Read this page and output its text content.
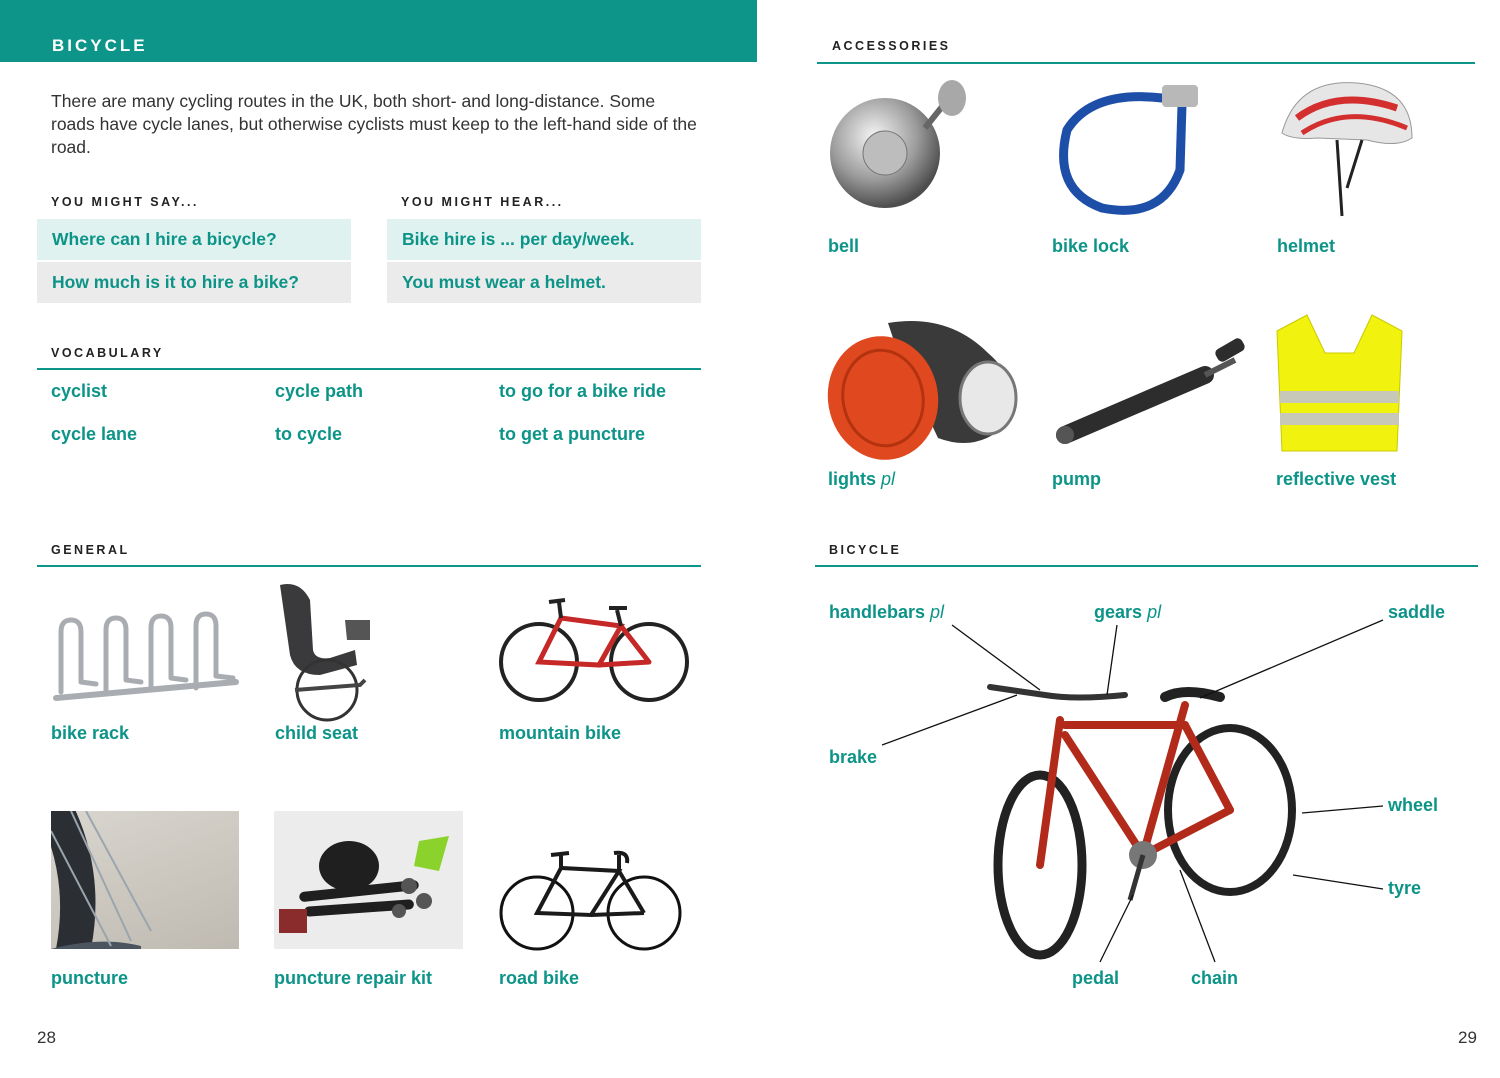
BICYCLE
There are many cycling routes in the UK, both short- and long-distance. Some roads have cycle lanes, but otherwise cyclists must keep to the left-hand side of the road.
YOU MIGHT SAY...	YOU MIGHT HEAR...
Where can I hire a bicycle?
How much is it to hire a bike?
Bike hire is ... per day/week.
You must wear a helmet.
VOCABULARY
cyclist	cycle path	to go for a bike ride
cycle lane	to cycle	to get a puncture
GENERAL
bike rack	child seat	mountain bike
puncture	puncture repair kit	road bike
28
ACCESSORIES
bell	bike lock	helmet
lights pl	pump	reflective vest
BICYCLE
handlebars pl	gears pl	saddle
brake
wheel
tyre
pedal	chain
29
